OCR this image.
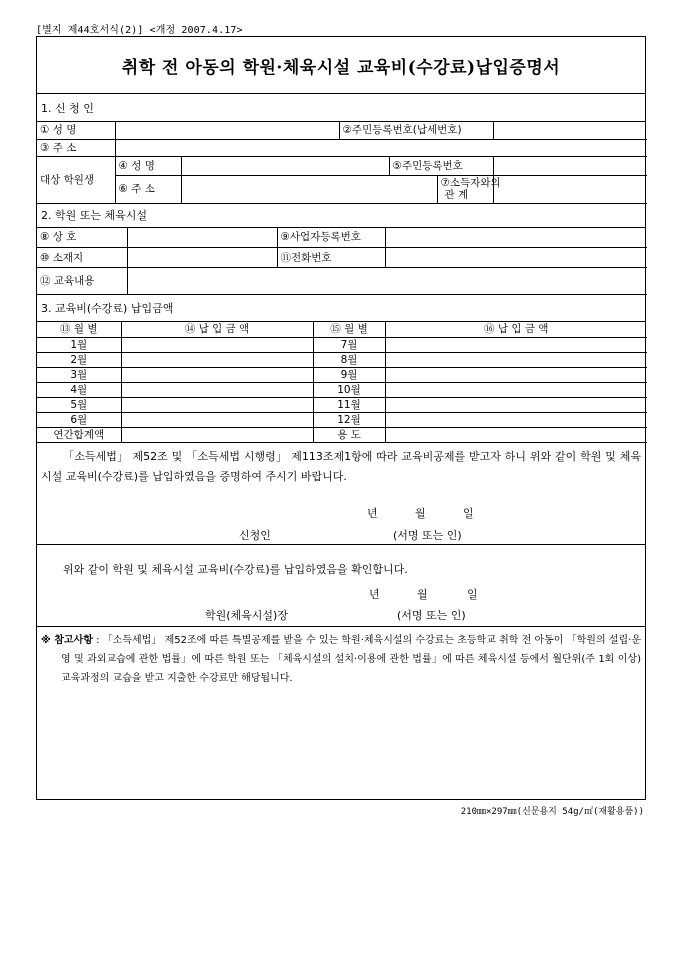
[별지 제44호서식(2)] <개정 2007.4.17>
취학 전 아동의 학원·체육시설 교육비(수강료)납입증명서
1. 신 청 인
① 성 명			②주민등록번호(납세번호)			
③ 주 소						
대상 학원생	④ 성 명			⑤주민등록번호		
	⑥ 주 소				⑦소득자와의
관 계	

2. 학원 또는 체육시설
⑧ 상 호		⑨사업자등록번호	
⑩ 소재지		⑪전화번호	
⑫ 교육내용			
3. 교육비(수강료) 납입금액
⑬ 월 별	⑭ 납 입 금 액	⑮ 월 별	⑯ 납 입 금 액
1월		7월	
2월		8월	
3월		9월	
4월		10월	
5월		11월	
6월		12월	
연간합계액		용 도	

「소득세법」 제52조 및 「소득세법 시행령」 제113조제1항에 따라 교육비공제를 받고자 하니 위와 같이 학원 및 체육시설 교육비(수강료)를 납입하였음을 증명하여 주시기 바랍니다.

년	월	일
신청인	(서명 또는 인)
위와 같이 학원 및 체육시설 교육비(수강료)를 납입하였음을 확인합니다.
년	월	일
학원(체육시설)장	(서명 또는 인)
※ 참고사항 : 「소득세법」 제52조에 따른 특별공제를 받을 수 있는 학원·체육시설의 수강료는 초등학교 취학 전 아동이 「학원의 설립·운영 및 과외교습에 관한 법률」에 따른 학원 또는 「체육시설의 설치·이용에 관한 법률」에 따른 체육시설 등에서 월단위(주 1회 이상) 교육과정의 교습을 받고 지출한 수강료만 해당됩니다.
210㎜×297㎜(신문용지 54g/㎡(재활용품))
